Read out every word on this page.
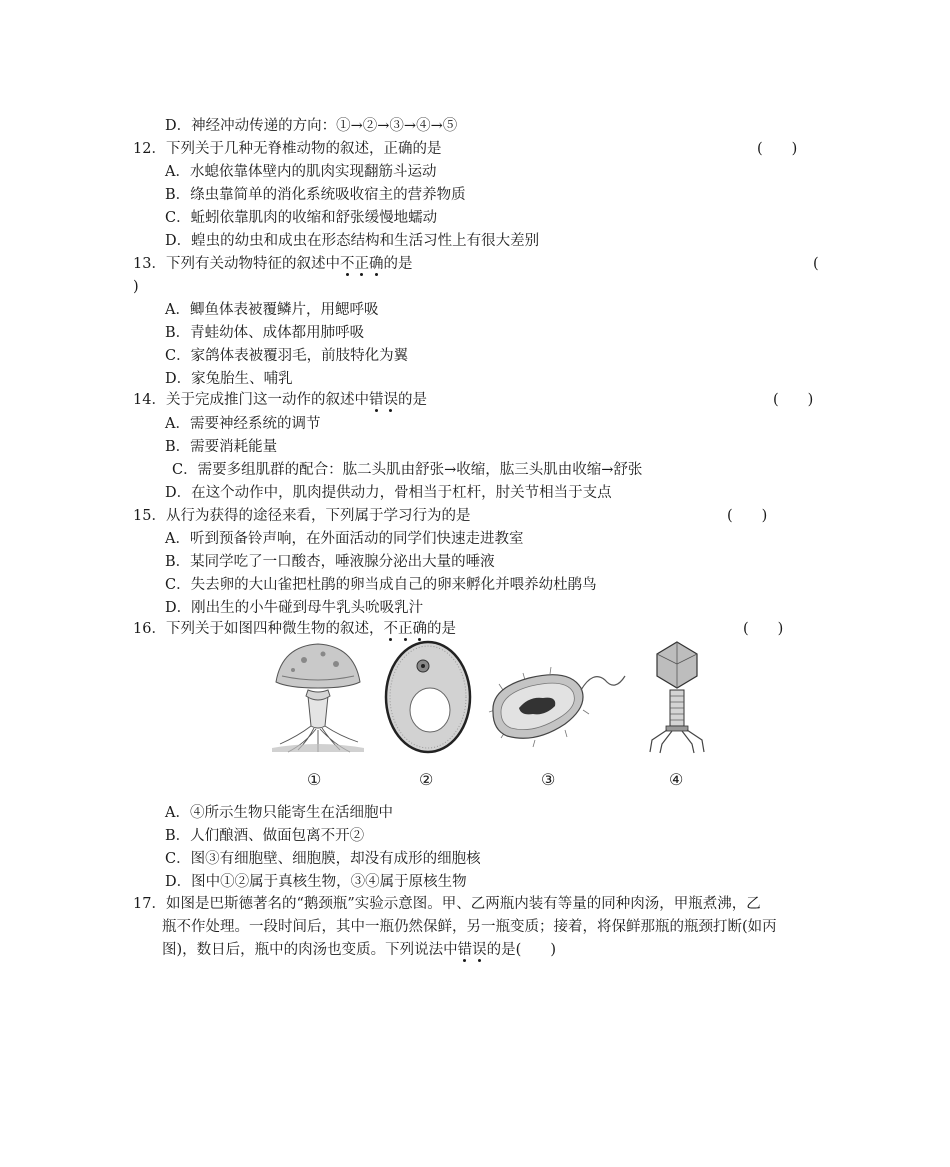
D．神经冲动传递的方向：①→②→③→④→⑤
12．下列关于几种无脊椎动物的叙述，正确的是	(　　)
A．水螅依靠体壁内的肌肉实现翻筋斗运动
B．绦虫靠简单的消化系统吸收宿主的营养物质
C．蚯蚓依靠肌肉的收缩和舒张缓慢地蠕动
D．蝗虫的幼虫和成虫在形态结构和生活习性上有很大差别
13．下列有关动物特征的叙述中不正确的是	(
)
A．鲫鱼体表被覆鳞片，用鳃呼吸
B．青蛙幼体、成体都用肺呼吸
C．家鸽体表被覆羽毛，前肢特化为翼
D．家兔胎生、哺乳
14．关于完成推门这一动作的叙述中错误的是	(　　)
A．需要神经系统的调节
B．需要消耗能量
C．需要多组肌群的配合：肱二头肌由舒张→收缩，肱三头肌由收缩→舒张
D．在这个动作中，肌肉提供动力，骨相当于杠杆，肘关节相当于支点
15．从行为获得的途径来看，下列属于学习行为的是	(　　)
A．听到预备铃声响，在外面活动的同学们快速走进教室
B．某同学吃了一口酸杏，唾液腺分泌出大量的唾液
C．失去卵的大山雀把杜鹃的卵当成自己的卵来孵化并喂养幼杜鹃鸟
D．刚出生的小牛碰到母牛乳头吮吸乳汁
16．下列关于如图四种微生物的叙述，不正确的是	(　　)
①	②	③	④
A．④所示生物只能寄生在活细胞中
B．人们酿酒、做面包离不开②
C．图③有细胞壁、细胞膜，却没有成形的细胞核
D．图中①②属于真核生物，③④属于原核生物
17．如图是巴斯德著名的“鹅颈瓶”实验示意图。甲、乙两瓶内装有等量的同种肉汤，甲瓶煮沸，乙
瓶不作处理。一段时间后，其中一瓶仍然保鲜，另一瓶变质；接着，将保鲜那瓶的瓶颈打断(如丙
图)，数日后，瓶中的肉汤也变质。下列说法中错误的是(　　)
